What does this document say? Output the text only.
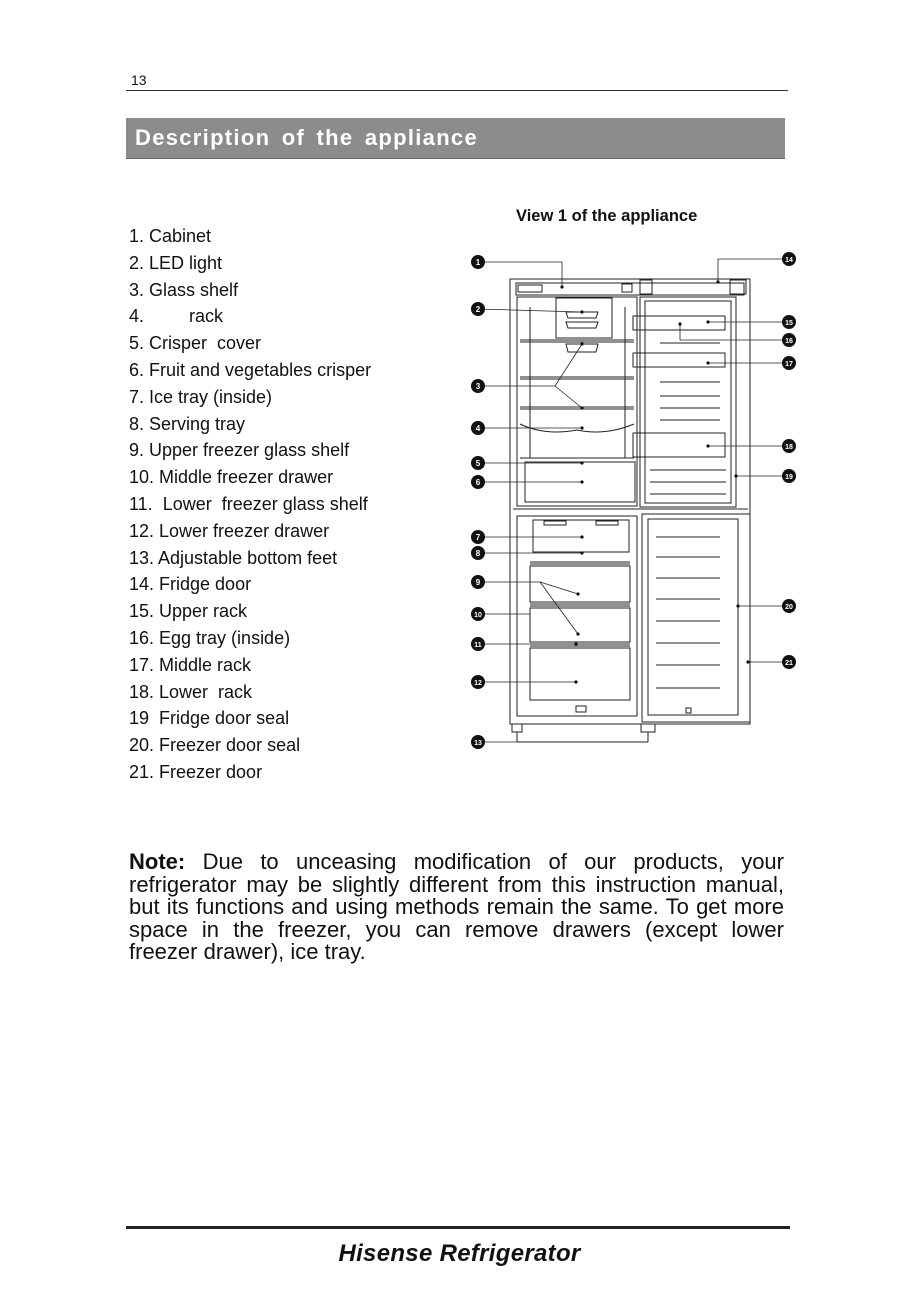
13
Description of the appliance
View 1 of the appliance
1. Cabinet
2. LED light
3. Glass shelf
4.         rack
5. Crisper  cover
6. Fruit and vegetables crisper
7. Ice tray (inside)
8. Serving tray
9. Upper freezer glass shelf
10. Middle freezer drawer
11.  Lower  freezer glass shelf
12. Lower freezer drawer
13. Adjustable bottom feet
14. Fridge door
15. Upper rack
16. Egg tray (inside)
17. Middle rack
18. Lower  rack
19  Fridge door seal
20. Freezer door seal
21. Freezer door
1
2
3
4
5
6
7
8
9
10
11
12
13
14
15
16
17
18
19
20
21

Note: Due to unceasing modification of our products, your refrigerator may be slightly different from this instruction manual, but its functions and using methods remain the same. To get more space in the freezer, you can remove drawers (except lower freezer drawer), ice tray.

Hisense Refrigerator
